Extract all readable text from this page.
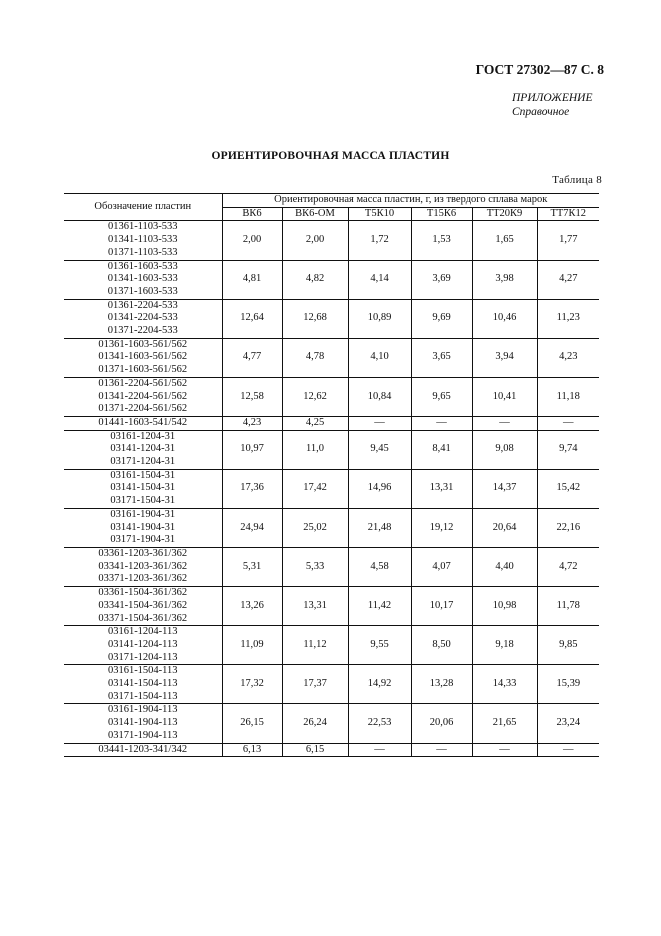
ГОСТ 27302—87 С. 8
ПРИЛОЖЕНИЕ
Справочное
ОРИЕНТИРОВОЧНАЯ МАССА ПЛАСТИН
Таблица 8
Обозначение пластин	Ориентировочная масса пластин, г, из твердого сплава марок					
	ВК6	ВК6-ОМ	Т5К10	Т15К6	ТТ20К9	ТТ7К12

01361-1103-533
01341-1103-533
01371-1103-533	2,00	2,00	1,72	1,53	1,65	1,77

01361-1603-533
01341-1603-533
01371-1603-533	4,81	4,82	4,14	3,69	3,98	4,27

01361-2204-533
01341-2204-533
01371-2204-533	12,64	12,68	10,89	9,69	10,46	11,23

01361-1603-561/562
01341-1603-561/562
01371-1603-561/562	4,77	4,78	4,10	3,65	3,94	4,23

01361-2204-561/562
01341-2204-561/562
01371-2204-561/562	12,58	12,62	10,84	9,65	10,41	11,18

01441-1603-541/542	4,23	4,25	—	—	—	—

03161-1204-31
03141-1204-31
03171-1204-31	10,97	11,0	9,45	8,41	9,08	9,74

03161-1504-31
03141-1504-31
03171-1504-31	17,36	17,42	14,96	13,31	14,37	15,42

03161-1904-31
03141-1904-31
03171-1904-31	24,94	25,02	21,48	19,12	20,64	22,16

03361-1203-361/362
03341-1203-361/362
03371-1203-361/362	5,31	5,33	4,58	4,07	4,40	4,72

03361-1504-361/362
03341-1504-361/362
03371-1504-361/362	13,26	13,31	11,42	10,17	10,98	11,78

03161-1204-113
03141-1204-113
03171-1204-113	11,09	11,12	9,55	8,50	9,18	9,85

03161-1504-113
03141-1504-113
03171-1504-113	17,32	17,37	14,92	13,28	14,33	15,39

03161-1904-113
03141-1904-113
03171-1904-113	26,15	26,24	22,53	20,06	21,65	23,24

03441-1203-341/342	6,13	6,15	—	—	—	—
